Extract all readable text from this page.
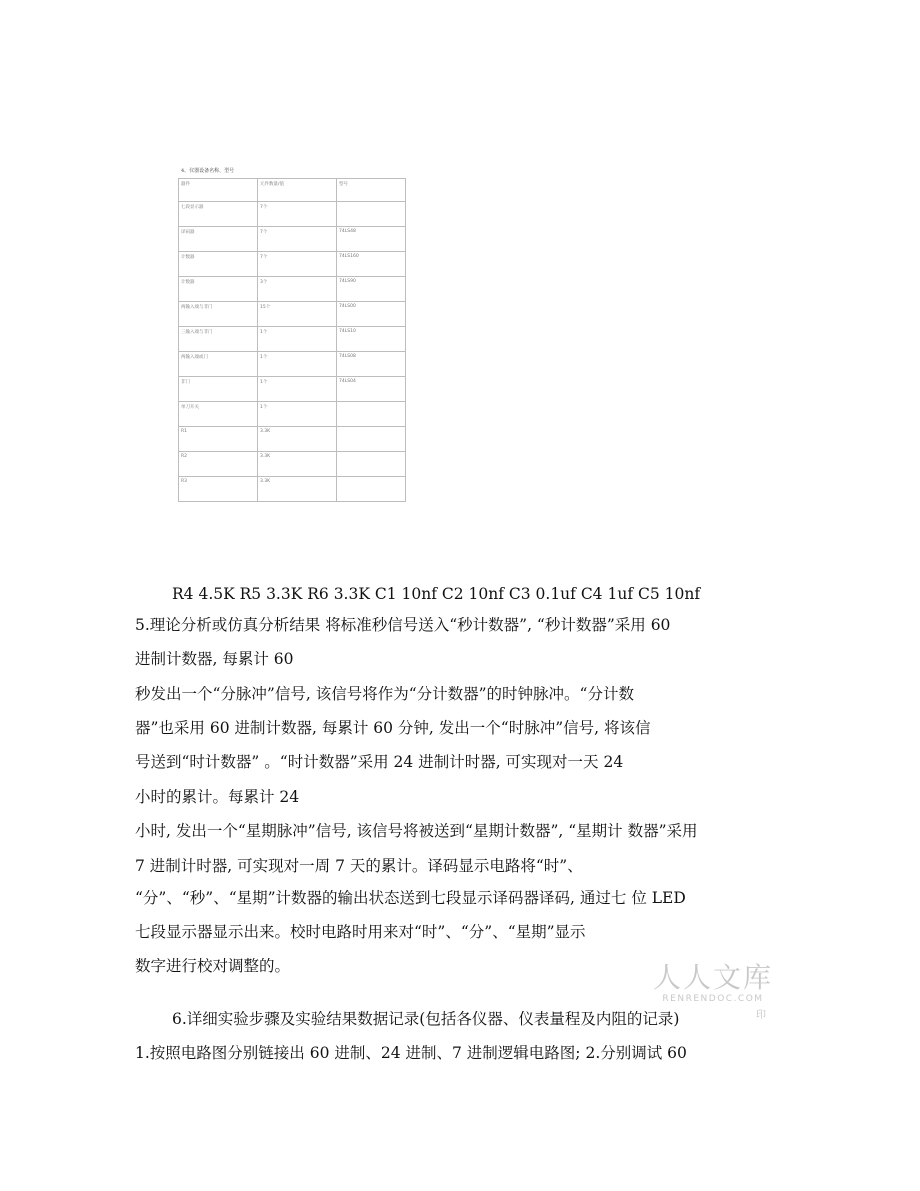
4、仪器设备名称、型号
器件	元件数量/值	型号
七段显示器	7个	
译码器	7个	74LS48
计数器	7个	74LS160
计数器	3个	74LS90
两输入端与非门	15个	74LS00
三输入端与非门	1个	74LS10
两输入端或门	1个	74LS08
非门	1个	74LS04
单刀开关	1个	
R1	3.3K	
R2	3.3K	
R3	3.3K	
R4 4.5K R5 3.3K R6 3.3K C1 10nf C2 10nf C3 0.1uf C4 1uf C5 10nf
5.理论分析或仿真分析结果 将标准秒信号送入“秒计数器”, “秒计数器”采用 60
进制计数器, 每累计 60
秒发出一个“分脉冲”信号, 该信号将作为“分计数器”的时钟脉冲。“分计数
器”也采用 60 进制计数器, 每累计 60 分钟, 发出一个“时脉冲”信号, 将该信
号送到“时计数器” 。“时计数器”采用 24 进制计时器, 可实现对一天 24
小时的累计。每累计 24
小时, 发出一个“星期脉冲”信号, 该信号将被送到“星期计数器”, “星期计 数器”采用
7 进制计时器, 可实现对一周 7 天的累计。译码显示电路将“时”、
“分”、“秒”、“星期”计数器的输出状态送到七段显示译码器译码, 通过七 位 LED
七段显示器显示出来。校时电路时用来对“时”、“分”、“星期”显示
数字进行校对调整的。
6.详细实验步骤及实验结果数据记录(包括各仪器、仪表量程及内阻的记录)
1.按照电路图分别链接出 60 进制、24 进制、7 进制逻辑电路图; 2.分别调试 60
人人文库
RENRENDOC.COM
印
